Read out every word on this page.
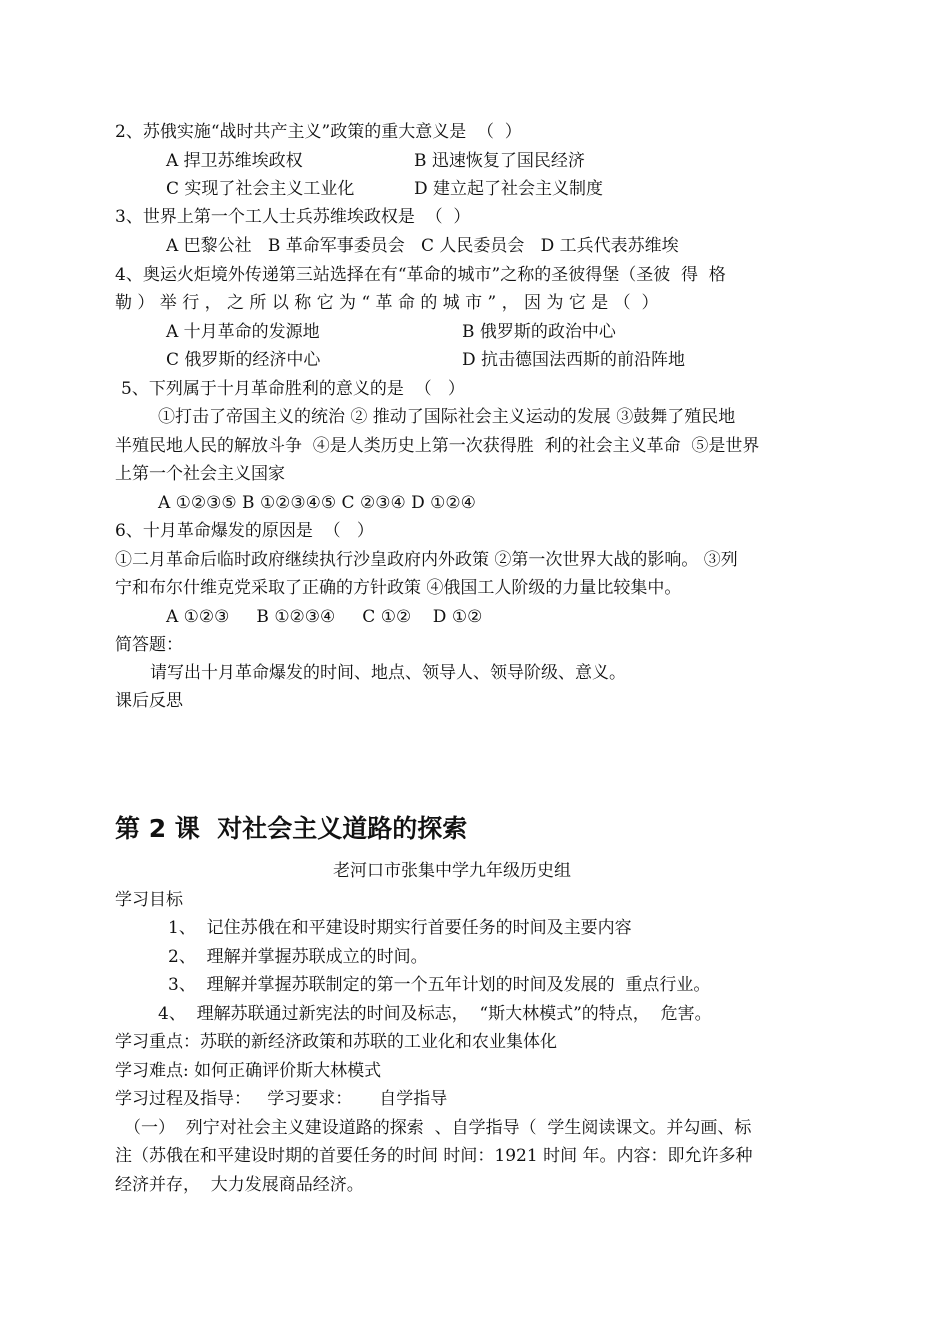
2、苏俄实施“战时共产主义”政策的重大意义是  （  ）
A 捍卫苏维埃政权	B 迅速恢复了国民经济
C 实现了社会主义工业化	D 建立起了社会主义制度
3、世界上第一个工人士兵苏维埃政权是  （  ）
A 巴黎公社   B 革命军事委员会   C 人民委员会   D 工兵代表苏维埃
4、奥运火炬境外传递第三站选择在有“革命的城市”之称的圣彼得堡（圣彼  得  格
勒 ） 举 行 ， 之 所 以 称 它 为 “ 革 命 的 城 市 ” ， 因 为 它 是 （  ）
A 十月革命的发源地	B 俄罗斯的政治中心
C 俄罗斯的经济中心	D 抗击德国法西斯的前沿阵地
5、下列属于十月革命胜利的意义的是  （   ）
①打击了帝国主义的统治 ② 推动了国际社会主义运动的发展 ③鼓舞了殖民地
半殖民地人民的解放斗争  ④是人类历史上第一次获得胜  利的社会主义革命  ⑤是世界
上第一个社会主义国家
A ①②③⑤ B ①②③④⑤ C ②③④ D ①②④
6、十月革命爆发的原因是  （   ）
①二月革命后临时政府继续执行沙皇政府内外政策 ②第一次世界大战的影响。 ③列
宁和布尔什维克党采取了正确的方针政策 ④俄国工人阶级的力量比较集中。
A ①②③     B ①②③④     C ①②    D ①②
简答题：
请写出十月革命爆发的时间、地点、领导人、领导阶级、意义。
课后反思
第 2 课  对社会主义道路的探索
老河口市张集中学九年级历史组
学习目标
1、  记住苏俄在和平建设时期实行首要任务的时间及主要内容
2、  理解并掌握苏联成立的时间。
3、  理解并掌握苏联制定的第一个五年计划的时间及发展的  重点行业。
4、  理解苏联通过新宪法的时间及标志，  “斯大林模式”的特点，  危害。
学习重点：苏联的新经济政策和苏联的工业化和农业集体化
学习难点: 如何正确评价斯大林模式
学习过程及指导：   学习要求：     自学指导
（一）  列宁对社会主义建设道路的探索  、自学指导（  学生阅读课文。并勾画、标
注（苏俄在和平建设时期的首要任务的时间 时间：1921 时间 年。内容：即允许多种
经济并存，  大力发展商品经济。
